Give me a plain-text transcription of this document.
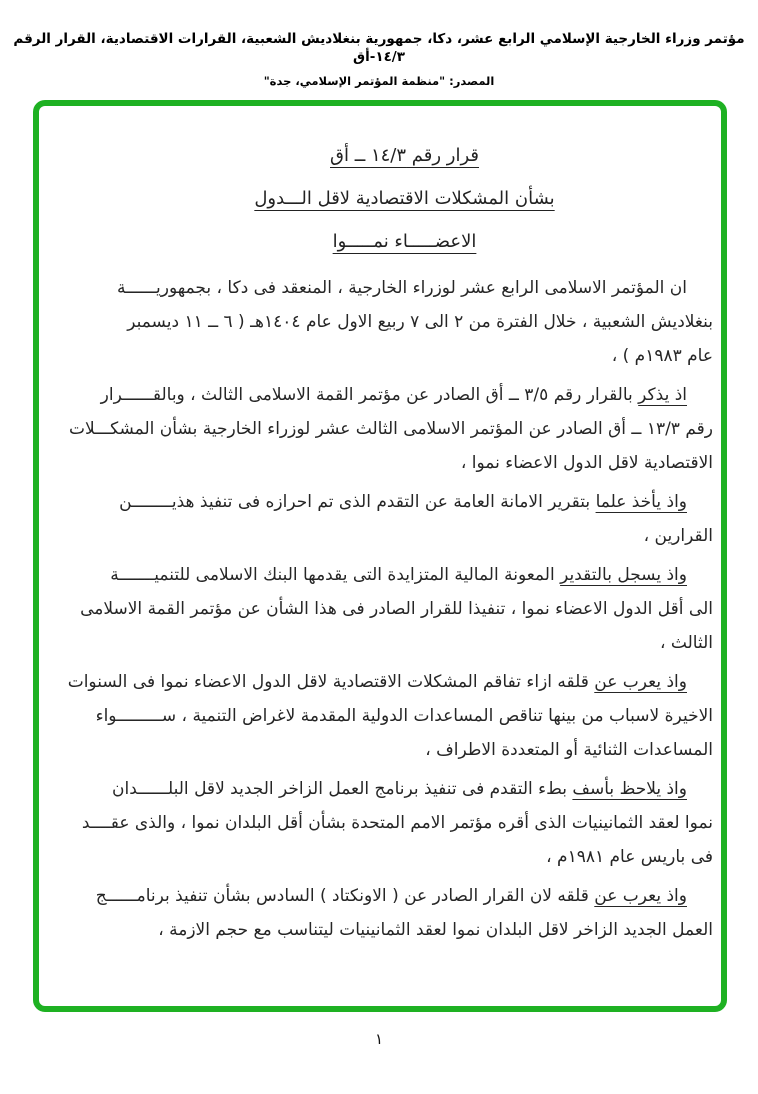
مؤتمر وزراء الخارجية الإسلامي الرابع عشر، دكا، جمهورية بنغلاديش الشعبية، القرارات الاقتصادية، القرار الرقم ١٤/٣-أق
المصدر: "منظمة المؤتمر الإسلامي، جدة"
قرار رقم ١٤/٣ ــ أق
بشأن المشكلات الاقتصادية لاقل الـــدول
الاعضـــــاء نمـــــوا
ان المؤتمر الاسلامى الرابع عشر لوزراء الخارجية ، المنعقد فى دكا ، بجمهوريــــــة
بنغلاديش الشعبية ، خلال الفترة من ٢ الى ٧ ربيع الاول عام ١٤٠٤هـ ( ٦ ــ ١١ ديسمبر
عام ١٩٨٣م ) ،
اذ يذكر بالقرار رقم ٣/٥ ــ أق الصادر عن مؤتمر القمة الاسلامى الثالث ، وبالقــــــرار
رقم ١٣/٣ ــ أق الصادر عن المؤتمر الاسلامى الثالث عشر لوزراء الخارجية بشأن المشكـــلات
الاقتصادية لاقل الدول الاعضاء نموا ،
واذ يأخذ علما بتقرير الامانة العامة عن التقدم الذى تم احرازه فى تنفيذ هذيــــــــن
القرارين ،
واذ يسجل بالتقدير المعونة المالية المتزايدة التى يقدمها البنك الاسلامى للتنميـــــــة
الى أقل الدول الاعضاء نموا ، تنفيذا للقرار الصادر فى هذا الشأن عن مؤتمر القمة الاسلامى
الثالث ،
واذ يعرب عن قلقه ازاء تفاقم المشكلات الاقتصادية لاقل الدول الاعضاء نموا فى السنوات
الاخيرة لاسباب من بينها تناقص المساعدات الدولية المقدمة لاغراض التنمية ، ســـــــــواء
المساعدات الثنائية أو المتعددة الاطراف ،
واذ يلاحظ بأسف بطء التقدم فى تنفيذ برنامج العمل الزاخر الجديد لاقل البلــــــدان
نموا لعقد الثمانينيات الذى أقره مؤتمر الامم المتحدة بشأن أقل البلدان نموا ، والذى عقــــد
فى باريس عام ١٩٨١م ،
واذ يعرب عن قلقه لان القرار الصادر عن ( الاونكتاد ) السادس بشأن تنفيذ برنامــــــج
العمل الجديد الزاخر لاقل البلدان نموا لعقد الثمانينيات ليتناسب مع حجم الازمة ،
١
